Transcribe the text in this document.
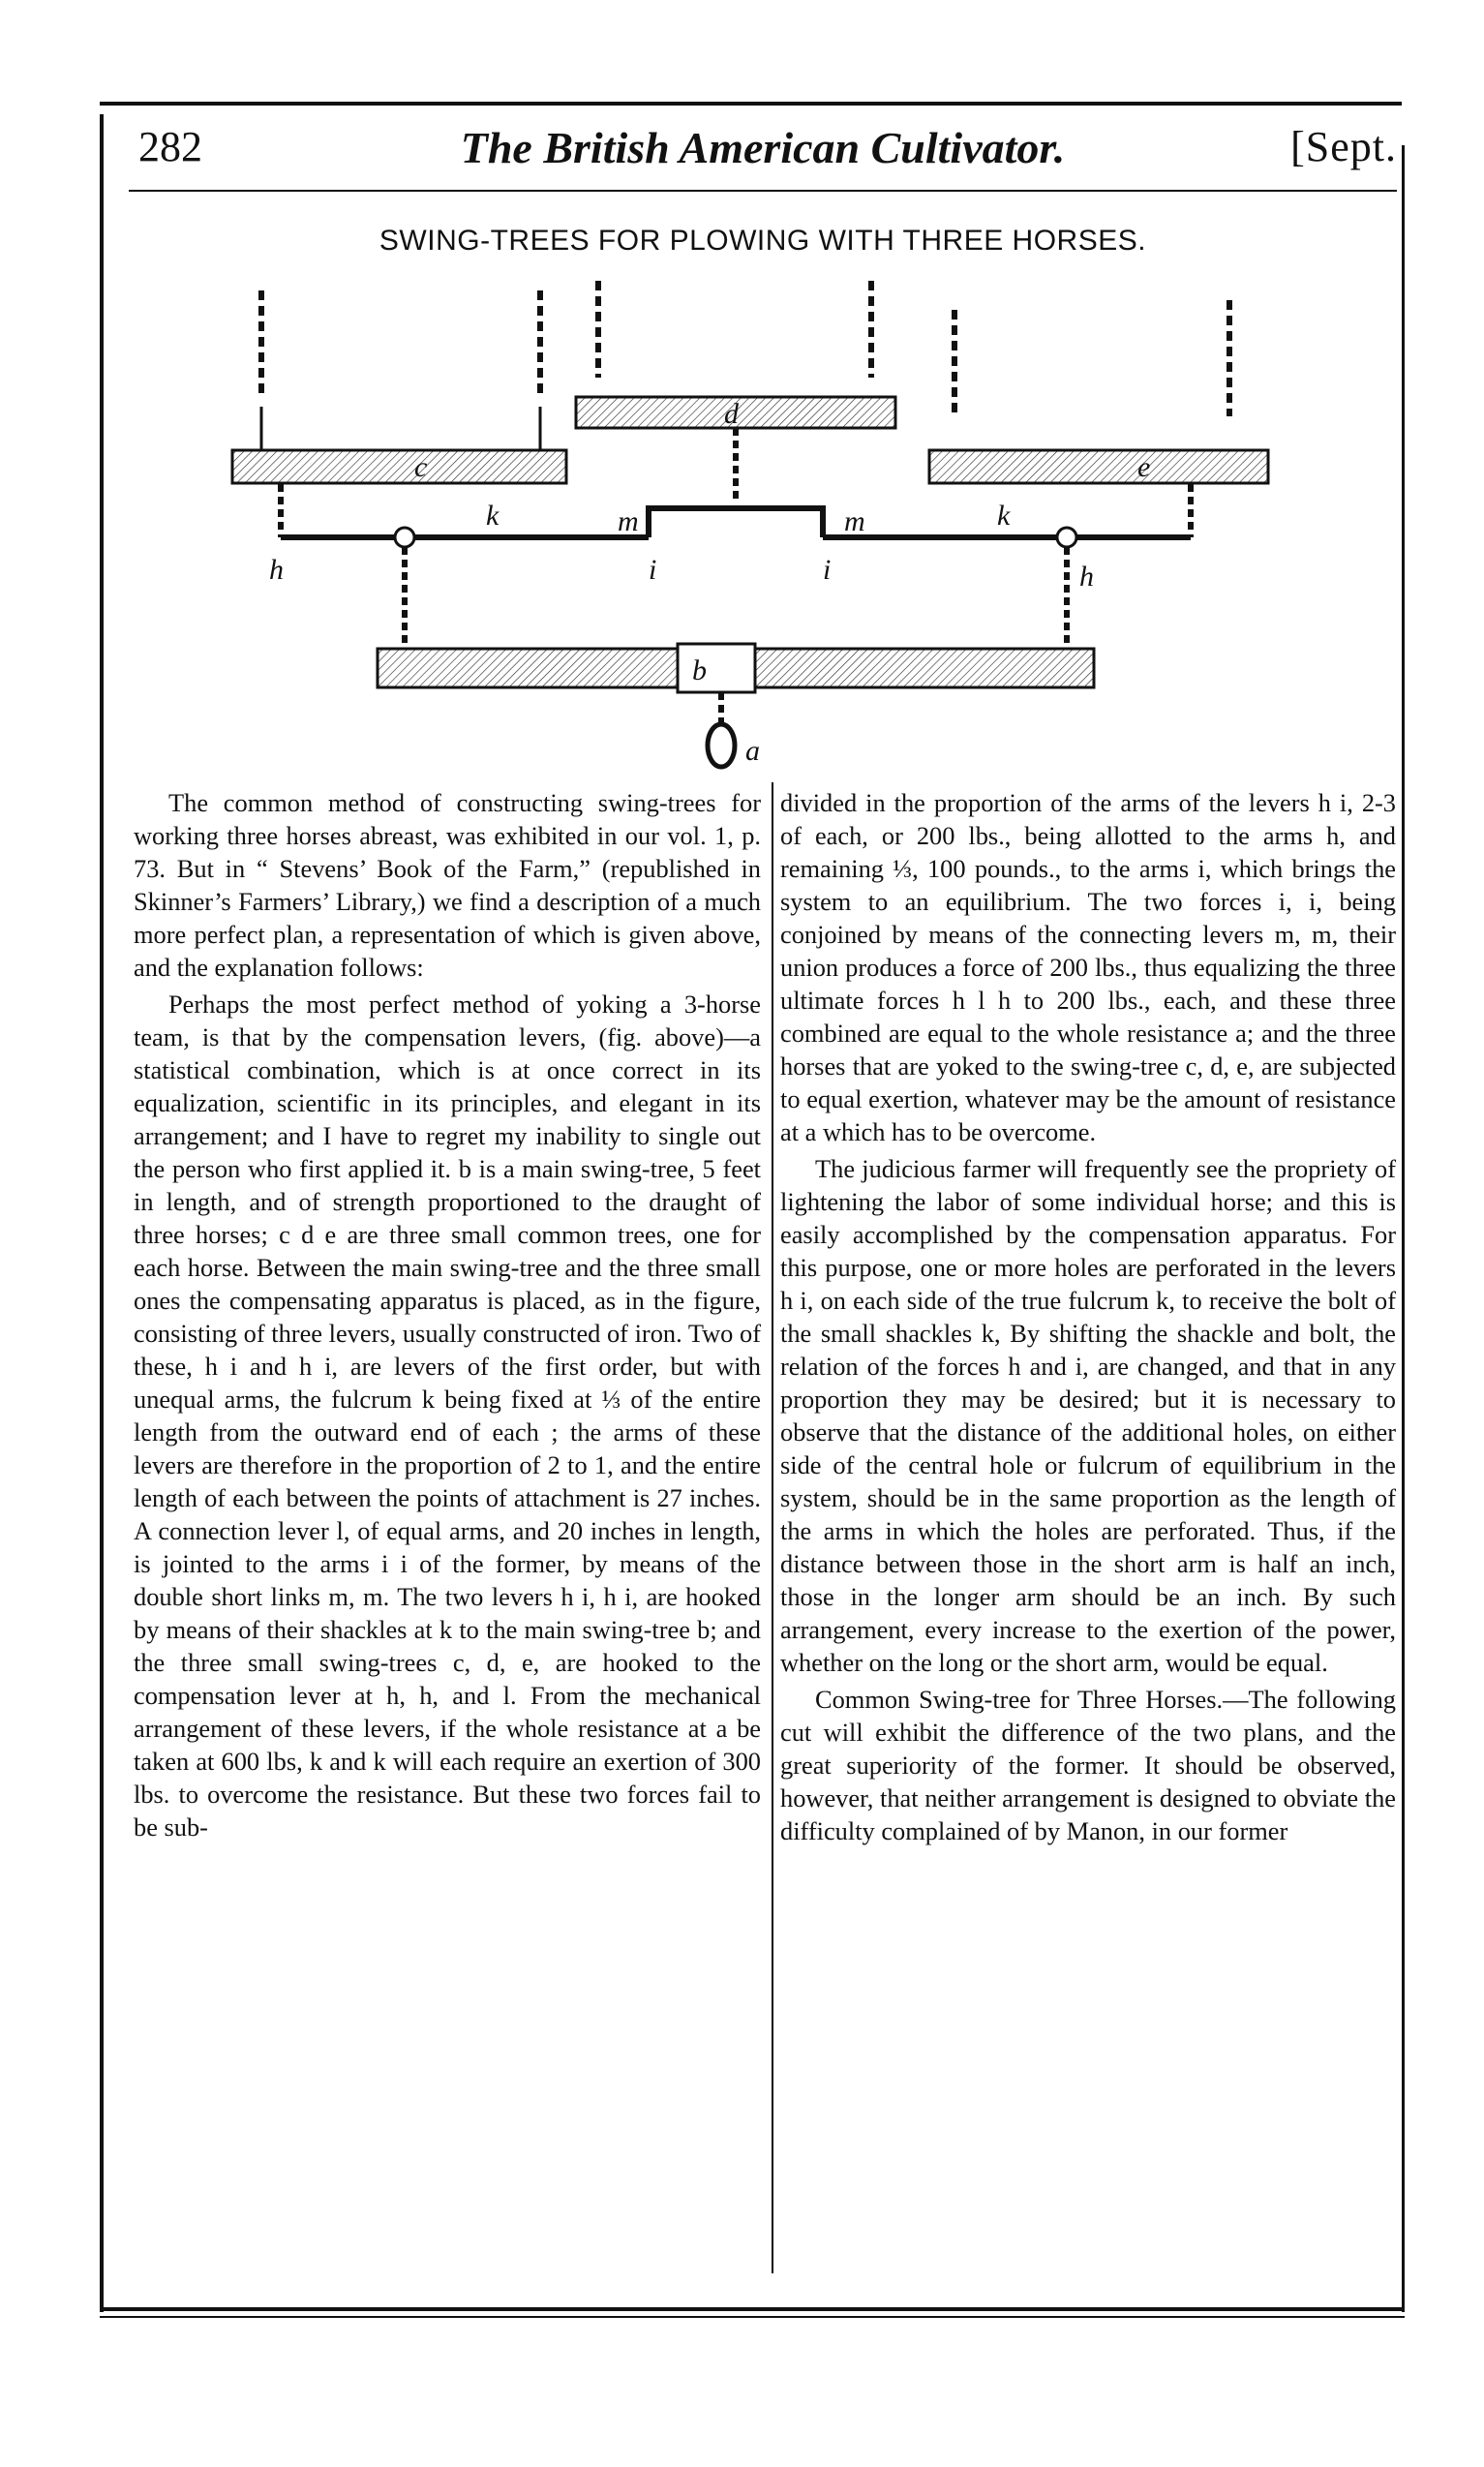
282	The British American Cultivator.	[Sept.
SWING-TREES FOR PLOWING WITH THREE HORSES.
c
d
e
k	m	m	k
h	i	i	h
b
a

The common method of constructing swing-trees for working three horses abreast, was exhibited in our vol. 1, p. 73. But in “ Stevens’ Book of the Farm,” (republished in Skinner’s Farmers’ Library,) we find a description of a much more perfect plan, a representation of which is given above, and the explanation follows:

Perhaps the most perfect method of yoking a 3-horse team, is that by the compensation levers, (fig. above)—a statistical combination, which is at once correct in its equalization, scientific in its principles, and elegant in its arrangement; and I have to regret my inability to single out the person who first applied it. b is a main swing-tree, 5 feet in length, and of strength proportioned to the draught of three horses; c d e are three small common trees, one for each horse. Between the main swing-tree and the three small ones the compensating apparatus is placed, as in the figure, consisting of three levers, usually constructed of iron. Two of these, h i and h i, are levers of the first order, but with unequal arms, the fulcrum k being fixed at ⅓ of the entire length from the outward end of each ; the arms of these levers are therefore in the proportion of 2 to 1, and the entire length of each between the points of attachment is 27 inches. A connection lever l, of equal arms, and 20 inches in length, is jointed to the arms i i of the former, by means of the double short links m, m. The two levers h i, h i, are hooked by means of their shackles at k to the main swing-tree b; and the three small swing-trees c, d, e, are hooked to the compensation lever at h, h, and l. From the mechanical arrangement of these levers, if the whole resistance at a be taken at 600 lbs, k and k will each require an exertion of 300 lbs. to overcome the resistance. But these two forces fail to be sub-

divided in the proportion of the arms of the levers h i, 2-3 of each, or 200 lbs., being allotted to the arms h, and remaining ⅓, 100 pounds., to the arms i, which brings the system to an equilibrium. The two forces i, i, being conjoined by means of the connecting levers m, m, their union produces a force of 200 lbs., thus equalizing the three ultimate forces h l h to 200 lbs., each, and these three combined are equal to the whole resistance a; and the three horses that are yoked to the swing-tree c, d, e, are subjected to equal exertion, whatever may be the amount of resistance at a which has to be overcome.

The judicious farmer will frequently see the propriety of lightening the labor of some individual horse; and this is easily accomplished by the compensation apparatus. For this purpose, one or more holes are perforated in the levers h i, on each side of the true fulcrum k, to receive the bolt of the small shackles k, By shifting the shackle and bolt, the relation of the forces h and i, are changed, and that in any proportion they may be desired; but it is necessary to observe that the distance of the additional holes, on either side of the central hole or fulcrum of equilibrium in the system, should be in the same proportion as the length of the arms in which the holes are perforated. Thus, if the distance between those in the short arm is half an inch, those in the longer arm should be an inch. By such arrangement, every increase to the exertion of the power, whether on the long or the short arm, would be equal.

Common Swing-tree for Three Horses.—The following cut will exhibit the difference of the two plans, and the great superiority of the former. It should be observed, however, that neither arrangement is designed to obviate the difficulty complained of by Manon, in our former
